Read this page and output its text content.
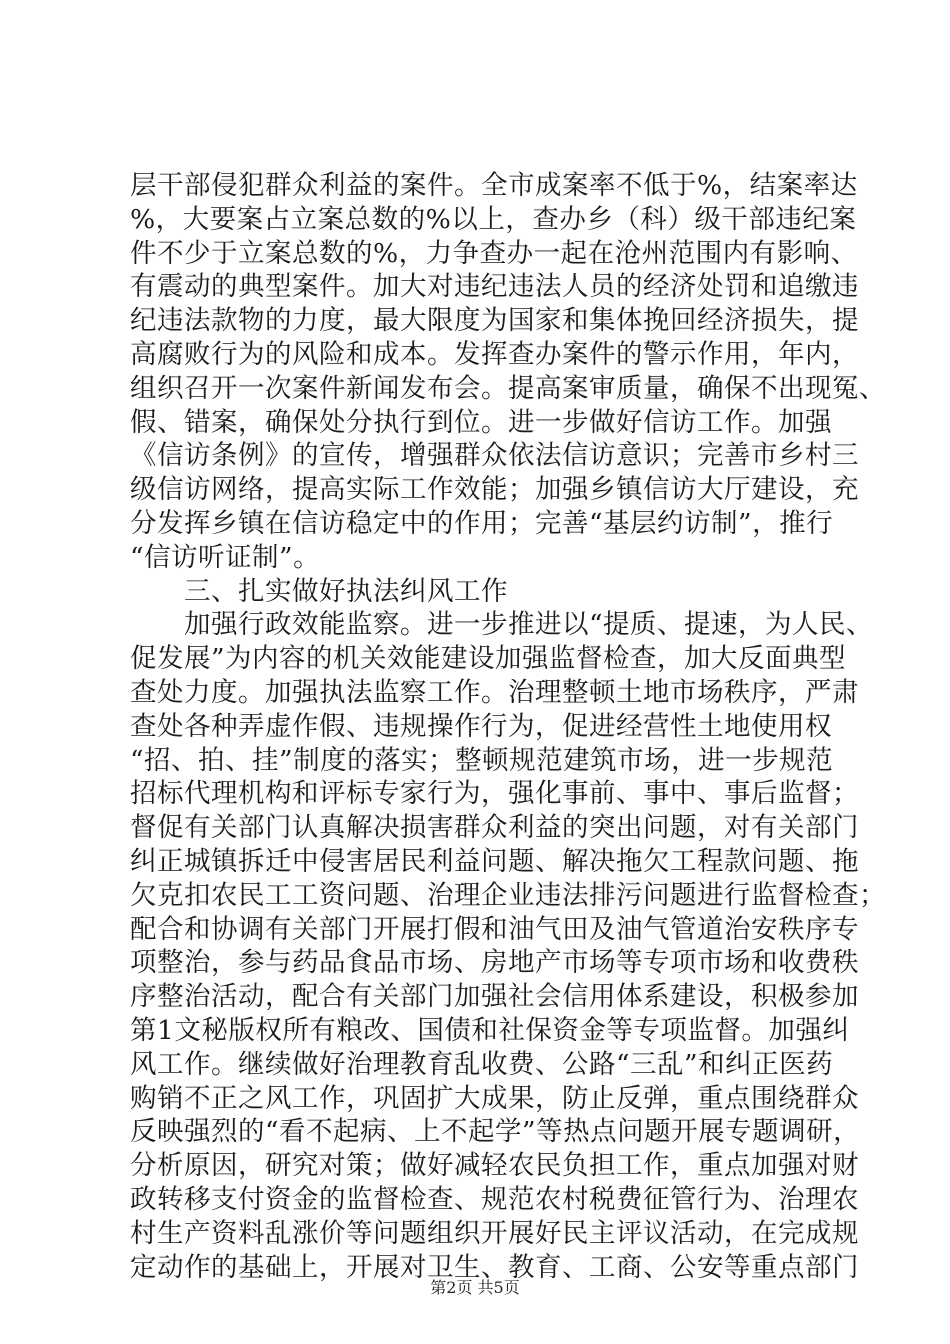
层干部侵犯群众利益的案件。全市成案率不低于%，结案率达
%，大要案占立案总数的%以上，查办乡（科）级干部违纪案
件不少于立案总数的%，力争查办一起在沧州范围内有影响、
有震动的典型案件。加大对违纪违法人员的经济处罚和追缴违
纪违法款物的力度，最大限度为国家和集体挽回经济损失，提
高腐败行为的风险和成本。发挥查办案件的警示作用，年内，
组织召开一次案件新闻发布会。提高案审质量，确保不出现冤、
假、错案，确保处分执行到位。进一步做好信访工作。加强
《信访条例》的宣传，增强群众依法信访意识；完善市乡村三
级信访网络，提高实际工作效能；加强乡镇信访大厅建设，充
分发挥乡镇在信访稳定中的作用；完善“基层约访制”，推行
“信访听证制”。
　　三、扎实做好执法纠风工作
　　加强行政效能监察。进一步推进以“提质、提速，为人民、
促发展”为内容的机关效能建设加强监督检查，加大反面典型
查处力度。加强执法监察工作。治理整顿土地市场秩序，严肃
查处各种弄虚作假、违规操作行为，促进经营性土地使用权
“招、拍、挂”制度的落实；整顿规范建筑市场，进一步规范
招标代理机构和评标专家行为，强化事前、事中、事后监督；
督促有关部门认真解决损害群众利益的突出问题，对有关部门
纠正城镇拆迁中侵害居民利益问题、解决拖欠工程款问题、拖
欠克扣农民工工资问题、治理企业违法排污问题进行监督检查；
配合和协调有关部门开展打假和油气田及油气管道治安秩序专
项整治，参与药品食品市场、房地产市场等专项市场和收费秩
序整治活动，配合有关部门加强社会信用体系建设，积极参加
第1文秘版权所有粮改、国债和社保资金等专项监督。加强纠
风工作。继续做好治理教育乱收费、公路“三乱”和纠正医药
购销不正之风工作，巩固扩大成果，防止反弹，重点围绕群众
反映强烈的“看不起病、上不起学”等热点问题开展专题调研，
分析原因，研究对策；做好减轻农民负担工作，重点加强对财
政转移支付资金的监督检查、规范农村税费征管行为、治理农
村生产资料乱涨价等问题组织开展好民主评议活动，在完成规
定动作的基础上，开展对卫生、教育、工商、公安等重点部门
第2页 共5页
